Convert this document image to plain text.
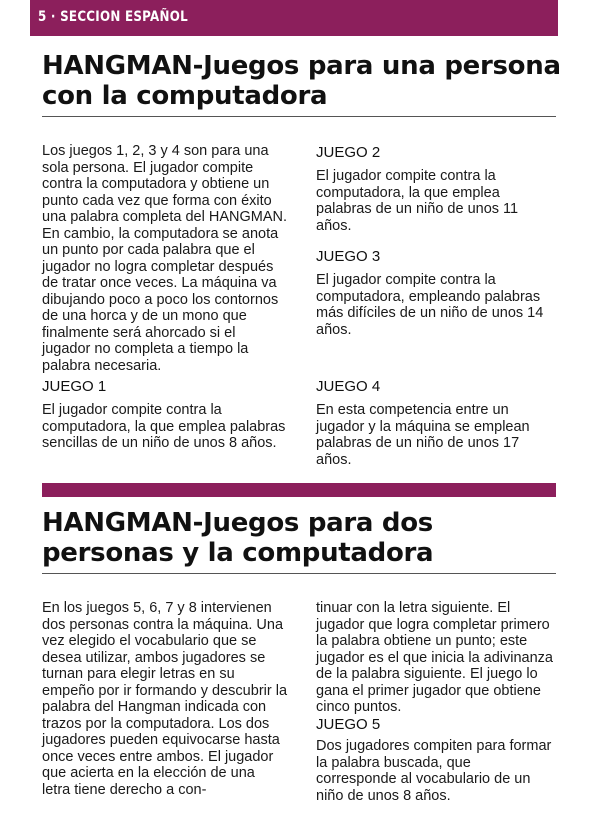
5 · SECCION ESPAÑOL
HANGMAN-Juegos para una persona
con la computadora

Los juegos 1, 2, 3 y 4 son para una sola persona. El jugador compite contra la computadora y obtiene un punto cada vez que forma con éxito una palabra completa del HANGMAN. En cambio, la computadora se anota un punto por cada palabra que el jugador no logra completar después de tratar once veces. La máquina va dibujando poco a poco los contornos de una horca y de un mono que finalmente será ahorcado si el jugador no completa a tiempo la palabra necesaria.

JUEGO 1

El jugador compite contra la computadora, la que emplea palabras sencillas de un niño de unos 8 años.

JUEGO 2

El jugador compite contra la computadora, la que emplea palabras de un niño de unos 11 años.

JUEGO 3

El jugador compite contra la computadora, empleando palabras más difíciles de un niño de unos 14 años.

JUEGO 4

En esta competencia entre un jugador y la máquina se emplean palabras de un niño de unos 17 años.

HANGMAN-Juegos para dos
personas y la computadora

En los juegos 5, 6, 7 y 8 intervienen dos personas contra la máquina. Una vez elegido el vocabulario que se desea utilizar, ambos jugadores se turnan para elegir letras en su empeño por ir formando y descubrir la palabra del Hangman indicada con trazos por la computadora. Los dos jugadores pueden equivocarse hasta once veces entre ambos. El jugador que acierta en la elección de una letra tiene derecho a con-

tinuar con la letra siguiente. El jugador que logra completar primero la palabra obtiene un punto; este jugador es el que inicia la adivinanza de la palabra siguiente. El juego lo gana el primer jugador que obtiene cinco puntos.

JUEGO 5

Dos jugadores compiten para formar la palabra buscada, que corresponde al vocabulario de un niño de unos 8 años.
